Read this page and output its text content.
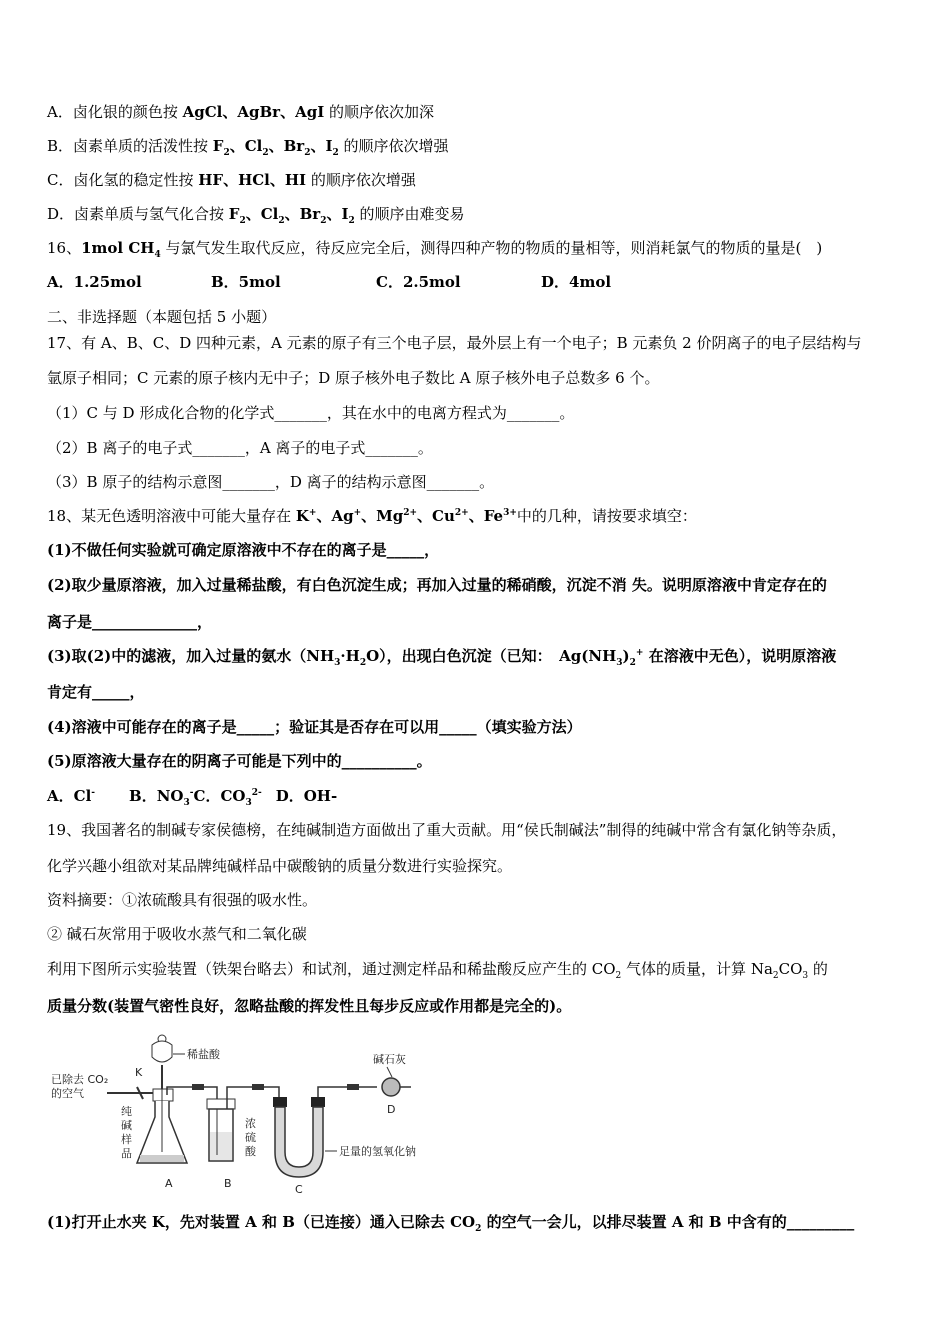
A．卤化银的颜色按 AgCl、AgBr、AgI 的顺序依次加深
B．卤素单质的活泼性按 $F_2$、$Cl_2$、$Br_2$、$I_2$ 的顺序依次增强
C．卤化氢的稳定性按 HF、HCl、HI 的顺序依次增强
D．卤素单质与氢气化合按 $F_2$、$Cl_2$、$Br_2$、$I_2$ 的顺序由难变易
16、1mol $CH_4$ 与氯气发生取代反应，待反应完全后，测得四种产物的物质的量相等，则消耗氯气的物质的量是(　)
A．1.25mol	B．5mol	C．2.5mol	D．4mol
二、非选择题（本题包括 5 小题）
17、有 A、B、C、D 四种元素，A 元素的原子有三个电子层，最外层上有一个电子；B 元素负 2 价阴离子的电子层结构与
氩原子相同；C 元素的原子核内无中子；D 原子核外电子数比 A 原子核外电子总数多 6 个。
（1）C 与 D 形成化合物的化学式_______，其在水中的电离方程式为_______。
（2）B 离子的电子式_______，A 离子的电子式_______。
（3）B 原子的结构示意图_______，D 离子的结构示意图_______。
18、某无色透明溶液中可能大量存在 K+、Ag+、$Mg^{2+}$、$Cu^{2+}$、$Fe^{3+}$中的几种，请按要求填空：
(1)不做任何实验就可确定原溶液中不存在的离子是_____，
(2)取少量原溶液，加入过量稀盐酸，有白色沉淀生成；再加入过量的稀硝酸，沉淀不消 失。说明原溶液中肯定存在的
离子是______________，
(3)取(2)中的滤液，加入过量的氨水$(NH_3\cdot H_2O)$，出现白色沉淀（已知：　$Ag(NH_3)_2^+$ 在溶液中无色），说明原溶液
肯定有_____，
(4)溶液中可能存在的离子是_____；验证其是否存在可以用_____（填实验方法）
(5)原溶液大量存在的阴离子可能是下列中的__________。
A．Cl- B．$NO_3^-C$．$CO_3^{2-}$ D．OH-
19、我国著名的制碱专家侯德榜，在纯碱制造方面做出了重大贡献。用“侯氏制碱法”制得的纯碱中常含有氯化钠等杂质，
化学兴趣小组欲对某品牌纯碱样品中碳酸钠的质量分数进行实验探究。
资料摘要：①浓硫酸具有很强的吸水性。
② 碱石灰常用于吸收水蒸气和二氧化碳
利用下图所示实验装置（铁架台略去）和试剂，通过测定样品和稀盐酸反应产生的 $CO_2$ 气体的质量，计算 $Na_2CO_3$ 的
质量分数(装置气密性良好，忽略盐酸的挥发性且每步反应或作用都是完全的)。
已除去 CO₂
的空气
K
稀盐酸
纯
碱
样
品
A
浓
硫
酸
B
足量的氢氧化钠
C
碱石灰
D
(1)打开止水夹 K，先对装置 A 和 B（已连接）通入已除去 $CO_2$ 的空气一会儿，以排尽装置 A 和 B 中含有的_________
